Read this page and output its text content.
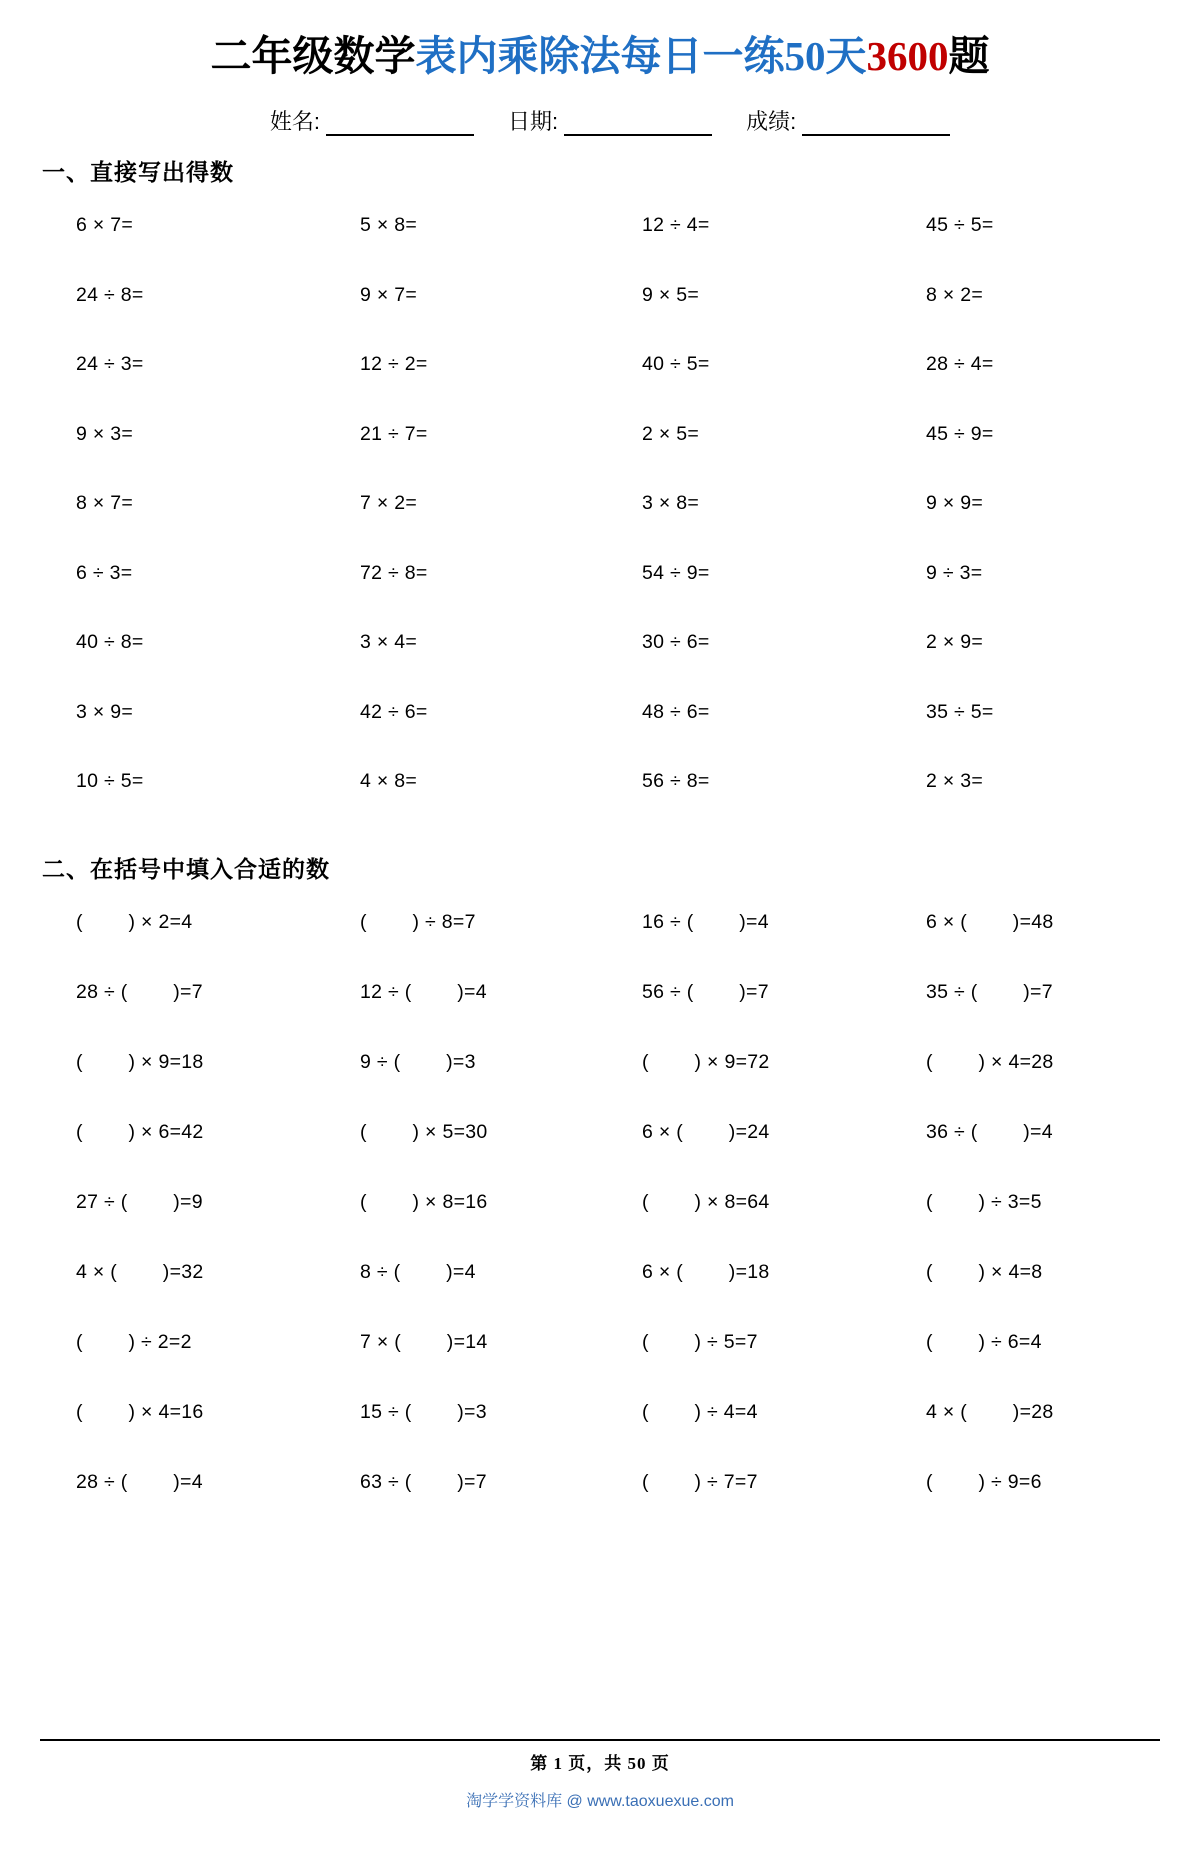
二年级数学表内乘除法每日一练50天3600题
姓名:	日期:	成绩:
一、直接写出得数
6 × 7=	5 × 8=	12 ÷ 4=	45 ÷ 5=
24 ÷ 8=	9 × 7=	9 × 5=	8 × 2=
24 ÷ 3=	12 ÷ 2=	40 ÷ 5=	28 ÷ 4=
9 × 3=	21 ÷ 7=	2 × 5=	45 ÷ 9=
8 × 7=	7 × 2=	3 × 8=	9 × 9=
6 ÷ 3=	72 ÷ 8=	54 ÷ 9=	9 ÷ 3=
40 ÷ 8=	3 × 4=	30 ÷ 6=	2 × 9=
3 × 9=	42 ÷ 6=	48 ÷ 6=	35 ÷ 5=
10 ÷ 5=	4 × 8=	56 ÷ 8=	2 × 3=
二、在括号中填入合适的数
(        ) × 2=4	(        ) ÷ 8=7	16 ÷ (        )=4	6 × (        )=48
28 ÷ (        )=7	12 ÷ (        )=4	56 ÷ (        )=7	35 ÷ (        )=7
(        ) × 9=18	9 ÷ (        )=3	(        ) × 9=72	(        ) × 4=28
(        ) × 6=42	(        ) × 5=30	6 × (        )=24	36 ÷ (        )=4
27 ÷ (        )=9	(        ) × 8=16	(        ) × 8=64	(        ) ÷ 3=5
4 × (        )=32	8 ÷ (        )=4	6 × (        )=18	(        ) × 4=8
(        ) ÷ 2=2	7 × (        )=14	(        ) ÷ 5=7	(        ) ÷ 6=4
(        ) × 4=16	15 ÷ (        )=3	(        ) ÷ 4=4	4 × (        )=28
28 ÷ (        )=4	63 ÷ (        )=7	(        ) ÷ 7=7	(        ) ÷ 9=6
第 1 页，共 50 页
淘学学资料库 @ www.taoxuexue.com
